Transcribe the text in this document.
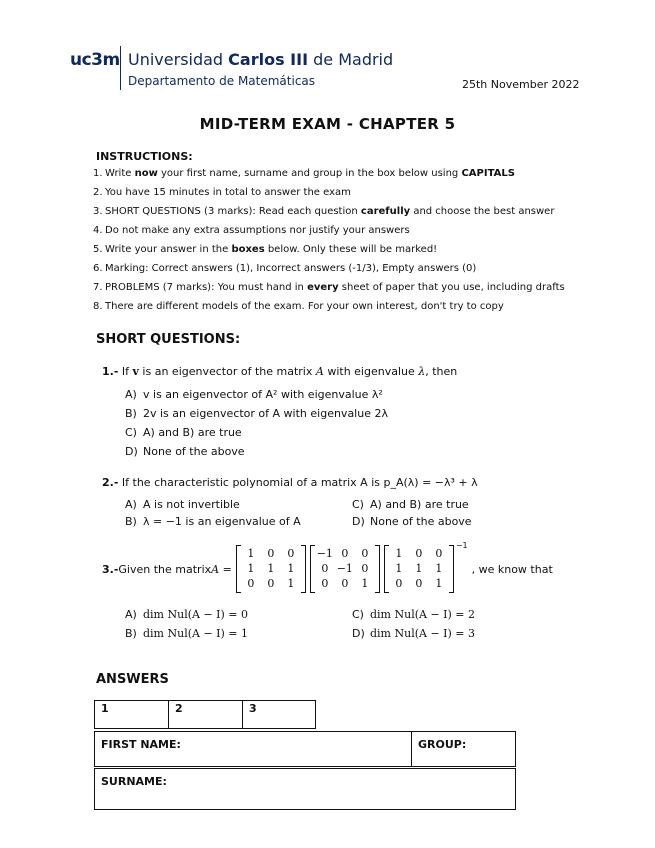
uc3m Universidad Carlos III de Madrid
Departamento de Matemáticas	25th November 2022
MID-TERM EXAM - CHAPTER 5
INSTRUCTIONS:
1. Write now your first name, surname and group in the box below using CAPITALS
2. You have 15 minutes in total to answer the exam
3. SHORT QUESTIONS (3 marks): Read each question carefully and choose the best answer
4. Do not make any extra assumptions nor justify your answers
5. Write your answer in the boxes below. Only these will be marked!
6. Marking: Correct answers (1), Incorrect answers (-1/3), Empty answers (0)
7. PROBLEMS (7 marks): You must hand in every sheet of paper that you use, including drafts
8. There are different models of the exam. For your own interest, don't try to copy
SHORT QUESTIONS:
1.- If v is an eigenvector of the matrix A with eigenvalue λ, then
A) v is an eigenvector of A² with eigenvalue λ²
B) 2v is an eigenvector of A with eigenvalue 2λ
C) A) and B) are true
D) None of the above
2.- If the characteristic polynomial of a matrix A is p_A(λ) = −λ³ + λ
A) A is not invertible
B) λ = −1 is an eigenvalue of A
C) A) and B) are true
D) None of the above
3.- Given the matrix A =
1	0	0
1	1	1
0	0	1
−1 0	0
0 −1 0
0	0	1
1	0	0
1	1	1
0	0	1
−1
, we know that
A) dim Nul(A − I) = 0
B) dim Nul(A − I) = 1
C) dim Nul(A − I) = 2
D) dim Nul(A − I) = 3
ANSWERS
1	2	3
FIRST NAME:	GROUP:
SURNAME:
